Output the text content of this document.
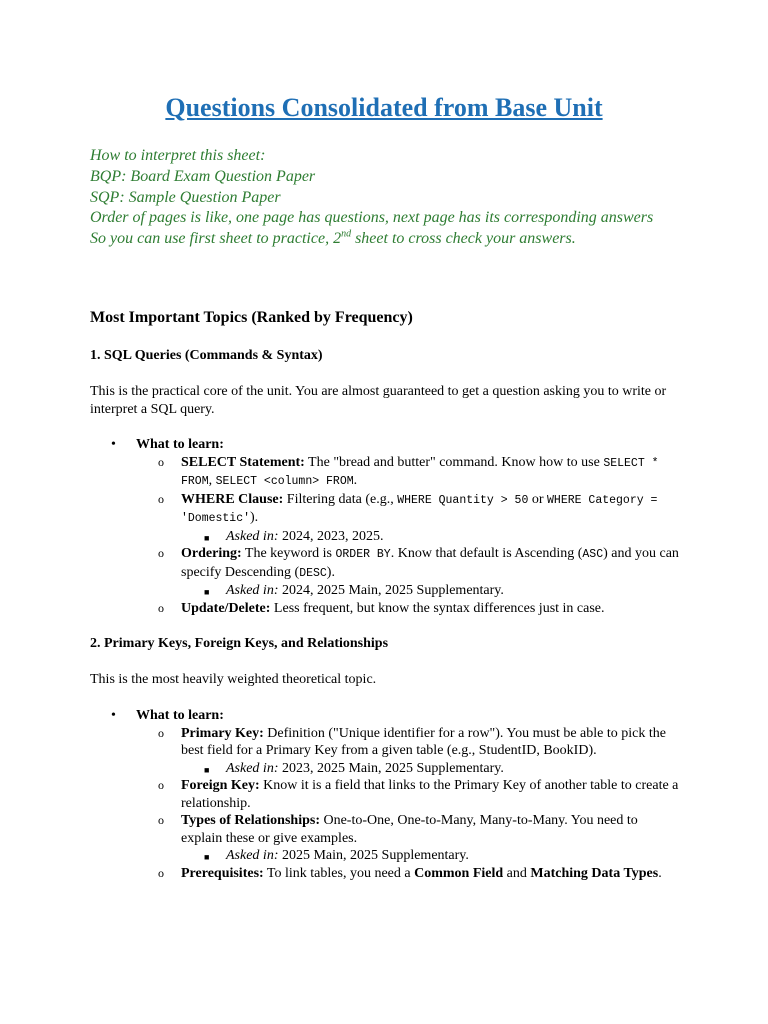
Questions Consolidated from Base Unit

How to interpret this sheet:

BQP: Board Exam Question Paper

SQP: Sample Question Paper

Order of pages is like, one page has questions, next page has its corresponding answers

So you can use first sheet to practice, 2nd sheet to cross check your answers.

Most Important Topics (Ranked by Frequency)
1. SQL Queries (Commands & Syntax)

This is the practical core of the unit. You are almost guaranteed to get a question asking you to write or interpret a SQL query.

• What to learn:
o SELECT Statement: The "bread and butter" command. Know how to use SELECT * FROM, SELECT <column> FROM.
o WHERE Clause: Filtering data (e.g., WHERE Quantity > 50 or WHERE Category = 'Domestic').
■ Asked in: 2024, 2023, 2025.
o Ordering: The keyword is ORDER BY. Know that default is Ascending (ASC) and you can specify Descending (DESC).
■ Asked in: 2024, 2025 Main, 2025 Supplementary.
o Update/Delete: Less frequent, but know the syntax differences just in case.
2. Primary Keys, Foreign Keys, and Relationships

This is the most heavily weighted theoretical topic.

• What to learn:
o Primary Key: Definition ("Unique identifier for a row"). You must be able to pick the best field for a Primary Key from a given table (e.g., StudentID, BookID).
■ Asked in: 2023, 2025 Main, 2025 Supplementary.
o Foreign Key: Know it is a field that links to the Primary Key of another table to create a relationship.
o Types of Relationships: One-to-One, One-to-Many, Many-to-Many. You need to explain these or give examples.
■ Asked in: 2025 Main, 2025 Supplementary.
o Prerequisites: To link tables, you need a Common Field and Matching Data Types.
